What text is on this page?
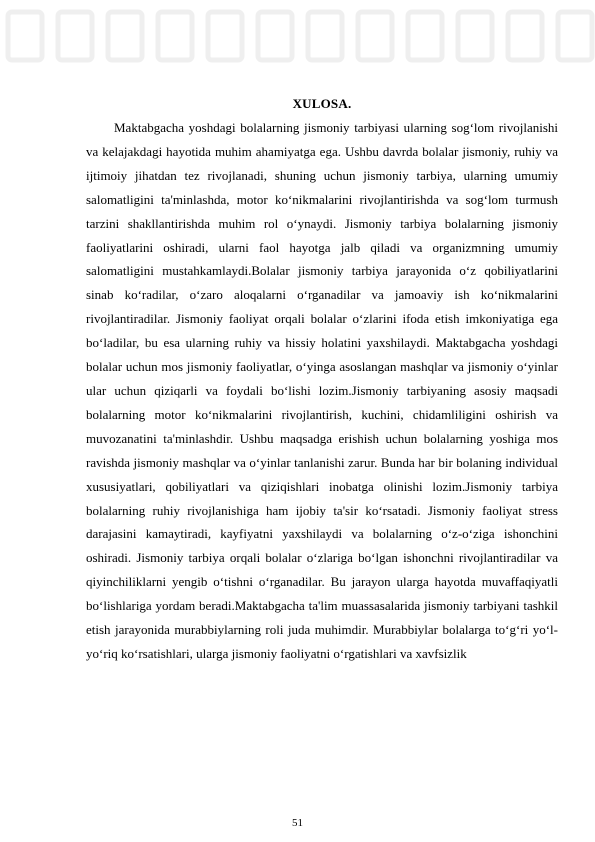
XULOSA.

Maktabgacha yoshdagi bolalarning jismoniy tarbiyasi ularning sog‘lom rivojlanishi va kelajakdagi hayotida muhim ahamiyatga ega. Ushbu davrda bolalar jismoniy, ruhiy va ijtimoiy jihatdan tez rivojlanadi, shuning uchun jismoniy tarbiya, ularning umumiy salomatligini ta'minlashda, motor ko‘nikmalarini rivojlantirishda va sog‘lom turmush tarzini shakllantirishda muhim rol o‘ynaydi. Jismoniy tarbiya bolalarning jismoniy faoliyatlarini oshiradi, ularni faol hayotga jalb qiladi va organizmning umumiy salomatligini mustahkamlaydi.Bolalar jismoniy tarbiya jarayonida o‘z qobiliyatlarini sinab ko‘radilar, o‘zaro aloqalarni o‘rganadilar va jamoaviy ish ko‘nikmalarini rivojlantiradilar. Jismoniy faoliyat orqali bolalar o‘zlarini ifoda etish imkoniyatiga ega bo‘ladilar, bu esa ularning ruhiy va hissiy holatini yaxshilaydi. Maktabgacha yoshdagi bolalar uchun mos jismoniy faoliyatlar, o‘yinga asoslangan mashqlar va jismoniy o‘yinlar ular uchun qiziqarli va foydali bo‘lishi lozim.Jismoniy tarbiyaning asosiy maqsadi bolalarning motor ko‘nikmalarini rivojlantirish, kuchini, chidamliligini oshirish va muvozanatini ta'minlashdir. Ushbu maqsadga erishish uchun bolalarning yoshiga mos ravishda jismoniy mashqlar va o‘yinlar tanlanishi zarur. Bunda har bir bolaning individual xususiyatlari, qobiliyatlari va qiziqishlari inobatga olinishi lozim.Jismoniy tarbiya bolalarning ruhiy rivojlanishiga ham ijobiy ta'sir ko‘rsatadi. Jismoniy faoliyat stress darajasini kamaytiradi, kayfiyatni yaxshilaydi va bolalarning o‘z-o‘ziga ishonchini oshiradi. Jismoniy tarbiya orqali bolalar o‘zlariga bo‘lgan ishonchni rivojlantiradilar va qiyinchiliklarni yengib o‘tishni o‘rganadilar. Bu jarayon ularga hayotda muvaffaqiyatli bo‘lishlariga yordam beradi.Maktabgacha ta'lim muassasalarida jismoniy tarbiyani tashkil etish jarayonida murabbiylarning roli juda muhimdir. Murabbiylar bolalarga to‘g‘ri yo‘l-yo‘riq ko‘rsatishlari, ularga jismoniy faoliyatni o‘rgatishlari va xavfsizlik

51
